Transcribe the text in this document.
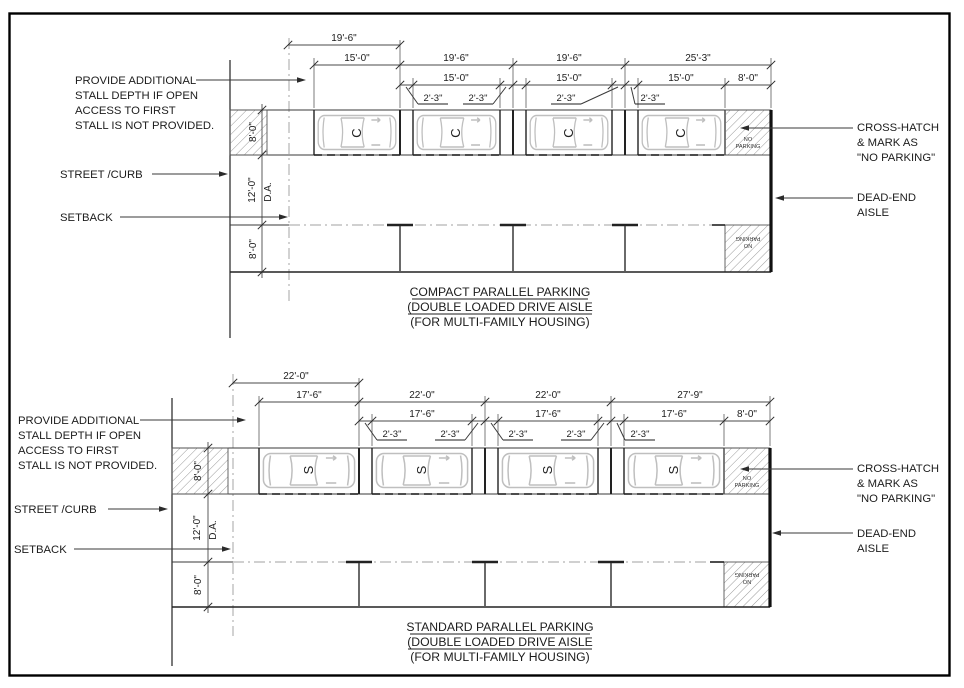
NO
PARKING
NO
PARKING
C	C	C	C
19'-6"
15'-0"	19'-6"	19'-6"	25'-3"
15'-0"	15'-0"	15'-0"	8'-0"
2'-3"	2'-3"	2'-3"	2'-3"
8'-0"
12'-0" D.A.
8'-0"
PROVIDE ADDITIONAL
STALL DEPTH IF OPEN
ACCESS TO FIRST
STALL IS NOT PROVIDED.
STREET /CURB
SETBACK
CROSS-HATCH
& MARK AS
"NO PARKING"
DEAD-END
AISLE
COMPACT PARALLEL PARKING
(DOUBLE LOADED DRIVE AISLE
(FOR MULTI-FAMILY HOUSING)
NO
PARKING
NO
PARKING
S	S	S	S
22'-0"
17'-6"	22'-0"	22'-0"	27'-9"
17'-6"	17'-6"	17'-6"	8'-0"
2'-3"	2'-3"	2'-3"	2'-3"	2'-3"
8'-0"
12'-0" D.A.
8'-0"
PROVIDE ADDITIONAL
STALL DEPTH IF OPEN
ACCESS TO FIRST
STALL IS NOT PROVIDED.
STREET /CURB
SETBACK
CROSS-HATCH
& MARK AS
"NO PARKING"
DEAD-END
AISLE
STANDARD PARALLEL PARKING
(DOUBLE LOADED DRIVE AISLE
(FOR MULTI-FAMILY HOUSING)
